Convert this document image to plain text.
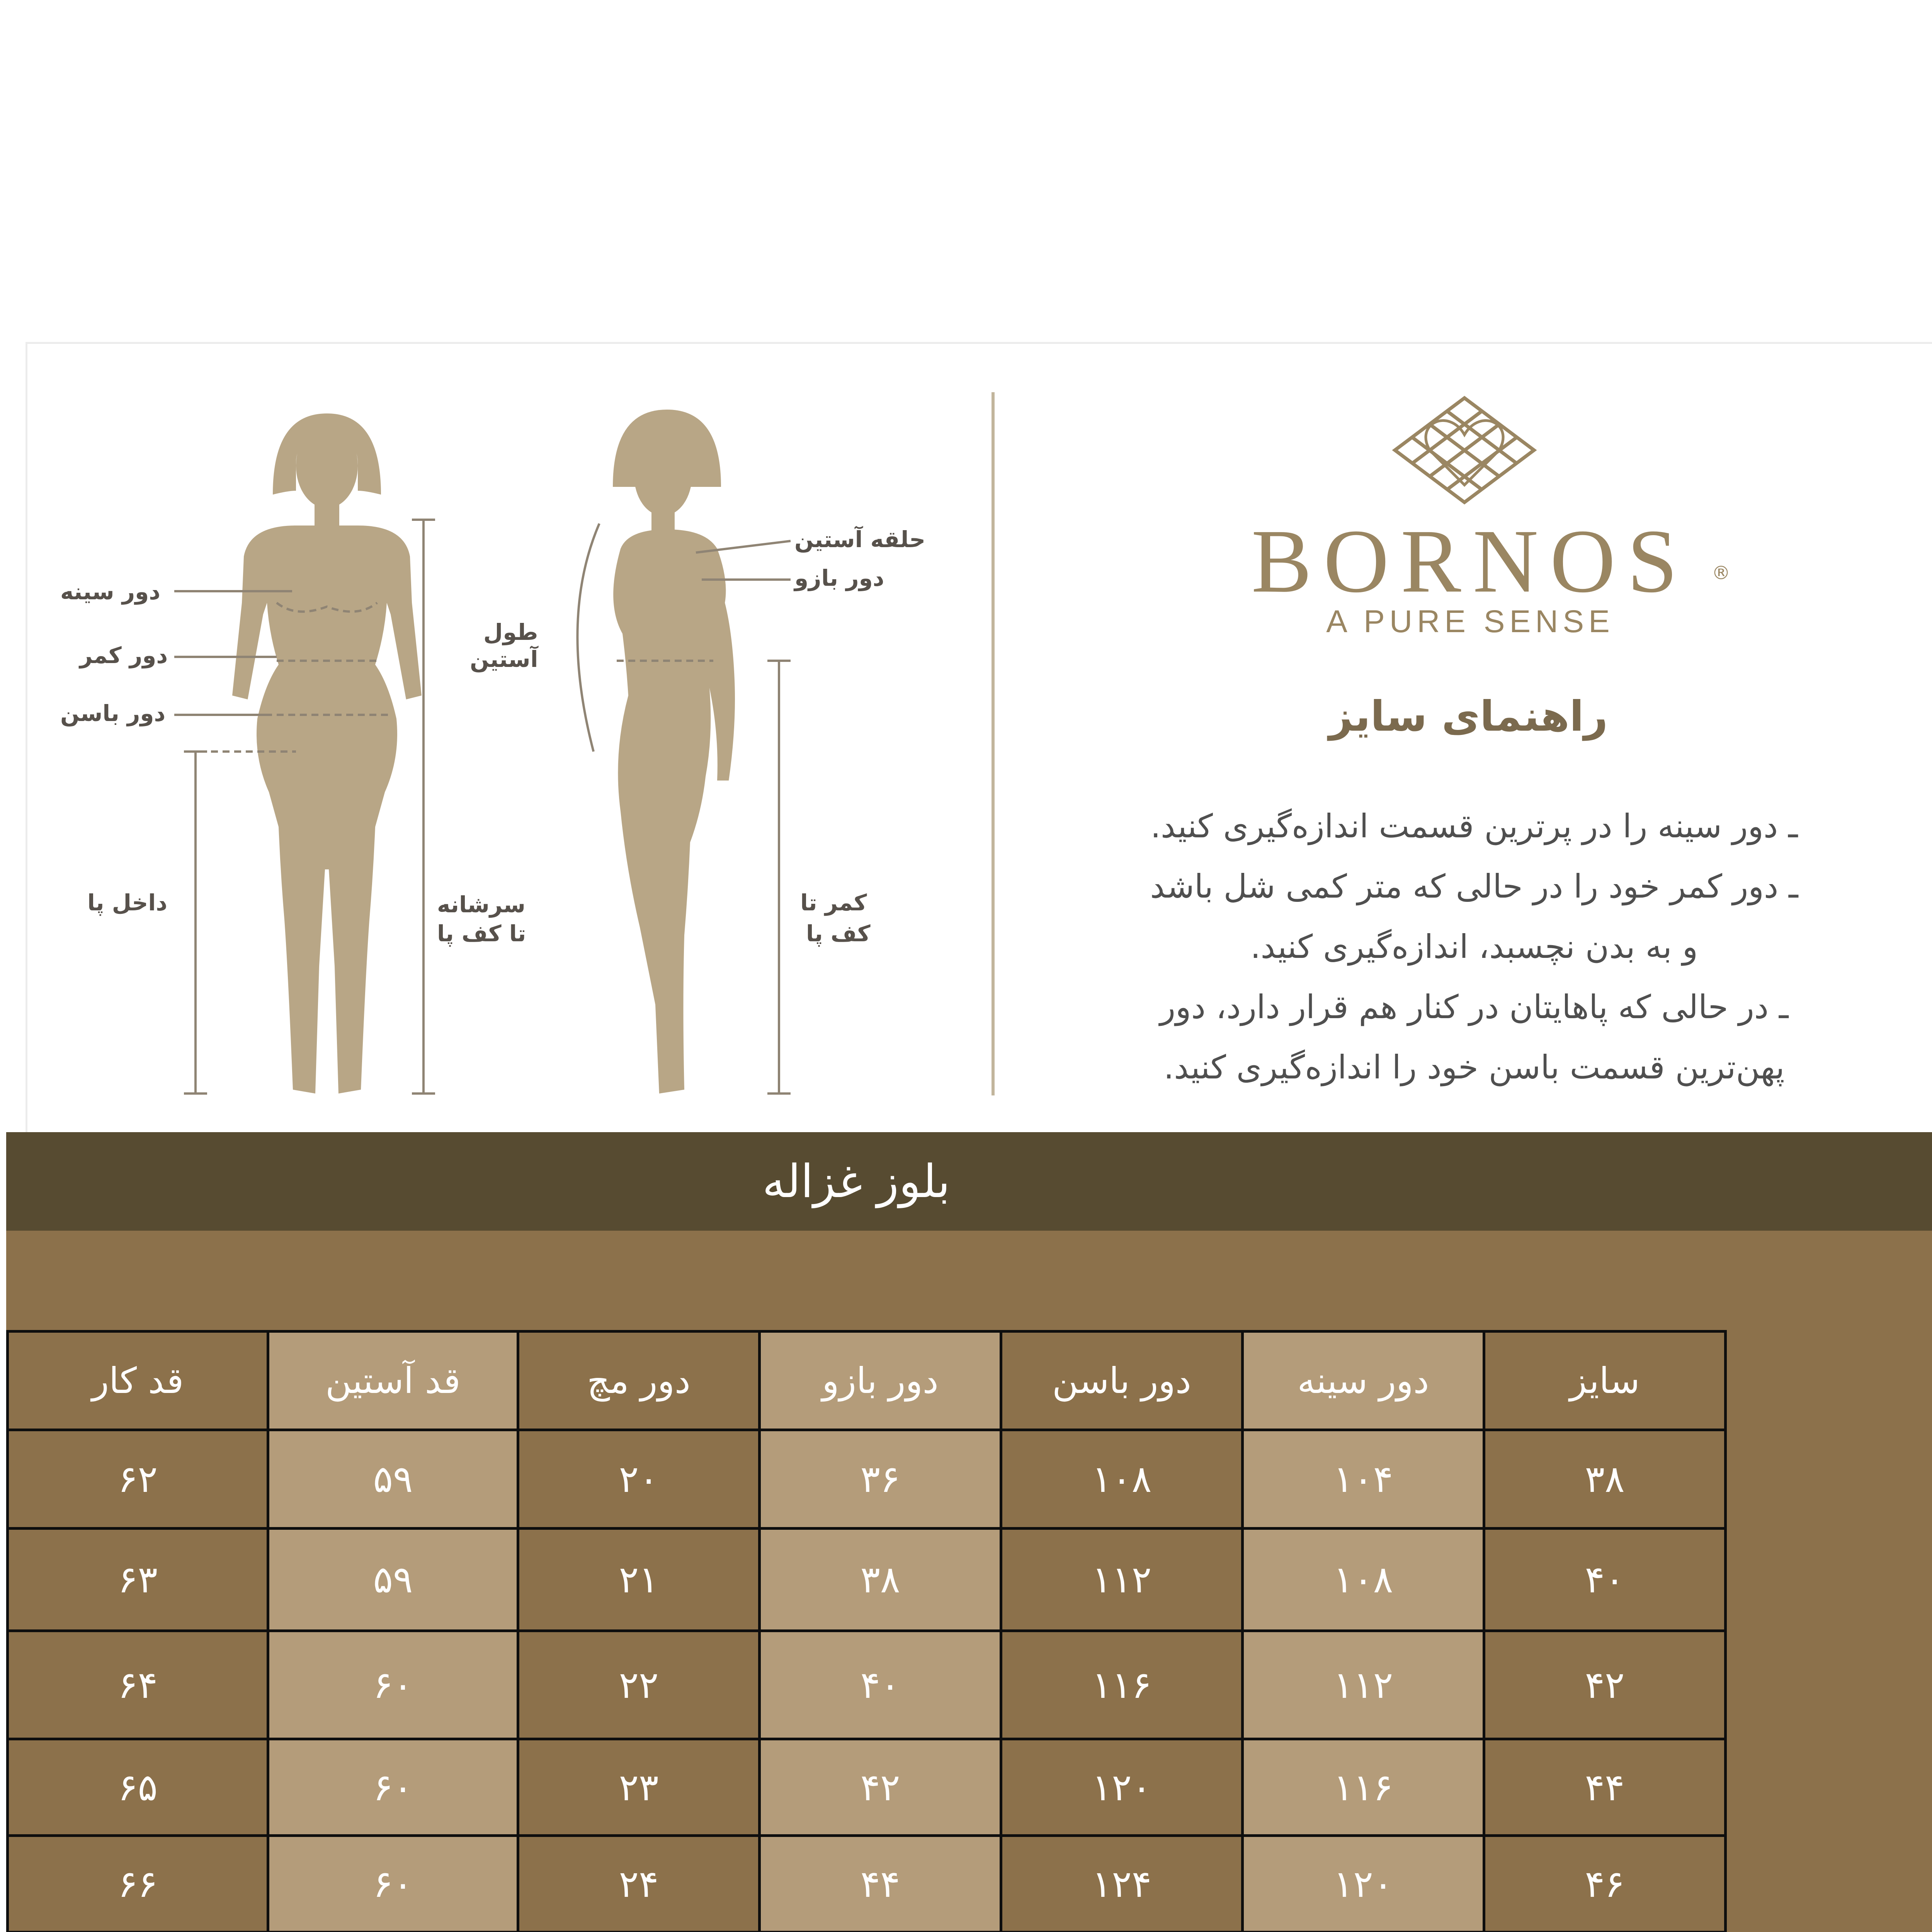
دور سینه
دور کمر
دور باسن
داخل پا	سرشانه
تا کف پا
حلقه آستین
دور بازو
طول
آستین
کمر تا
کف پا
BORNOS	®
A PURE SENSE
راهنمای سایز
ـ دور سینه را در پرترین قسمت اندازه‌گیری کنید.
ـ دور کمر خود را در حالی که متر کمی شل باشد
و به بدن نچسبد، اندازه‌گیری کنید.
ـ در حالی که پاهایتان در کنار هم قرار دارد، دور
پهن‌ترین قسمت باسن خود را اندازه‌گیری کنید.
بلوز غزاله
قد کار	قد آستین	دور مچ	دور بازو	دور باسن	دور سینه	سایز
۶۲	۵۹	۲۰	۳۶	۱۰۸	۱۰۴	۳۸
۶۳	۵۹	۲۱	۳۸	۱۱۲	۱۰۸	۴۰
۶۴	۶۰	۲۲	۴۰	۱۱۶	۱۱۲	۴۲
۶۵	۶۰	۲۳	۴۲	۱۲۰	۱۱۶	۴۴
۶۶	۶۰	۲۴	۴۴	۱۲۴	۱۲۰	۴۶
